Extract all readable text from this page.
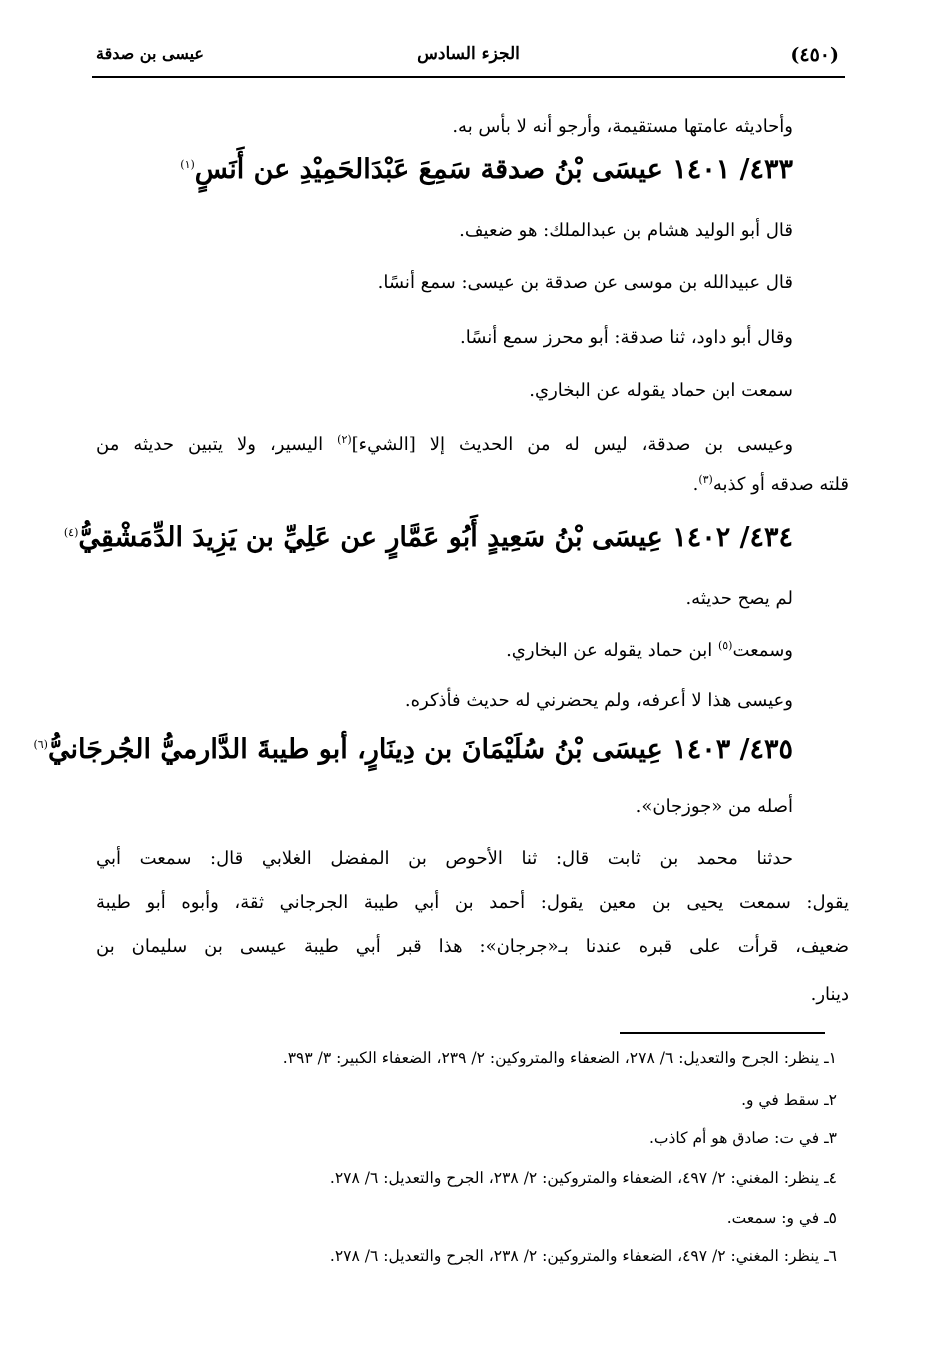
(٤٥٠)
الجزء السادس
عيسى بن صدقة
وأحاديثه عامتها مستقيمة، وأرجو أنه لا بأس به.
٤٣٣/ ١٤٠١ عيسَى بْنُ صدقة سَمِعَ عَبْدَالحَمِيْدِ عن أَنَسٍ$^{(١)}$
قال أبو الوليد هشام بن عبدالملك: هو ضعيف.
قال عبيدالله بن موسى عن صدقة بن عيسى: سمع أنسًا.
وقال أبو داود، ثنا صدقة: أبو محرز سمع أنسًا.
سمعت ابن حماد يقوله عن البخاري.
وعيسى بن صدقة، ليس له من الحديث إلا [الشيء]$^{(٢)}$ اليسير، ولا يتبين حديثه من
قلته صدقه أو كذبه$^{(٣)}$.
٤٣٤/ ١٤٠٢ عِيسَى بْنُ سَعِيدٍ أَبُو عَمَّارٍ عن عَلِيِّ بن يَزِيدَ الدِّمَشْقِيُّ$^{(٤)}$
لم يصح حديثه.
وسمعت$^{(٥)}$ ابن حماد يقوله عن البخاري.
وعيسى هذا لا أعرفه، ولم يحضرني له حديث فأذكره.
٤٣٥/ ١٤٠٣ عِيسَى بْنُ سُلَيْمَانَ بن دِينَارٍ، أبو طيبةَ الدَّارميُّ الجُرجَانيُّ$^{(٦)}$
أصله من «جوزجان».
حدثنا محمد بن ثابت قال: ثنا الأحوص بن المفضل الغلابي قال: سمعت أبي
يقول: سمعت يحيى بن معين يقول: أحمد بن أبي طيبة الجرجاني ثقة، وأبوه أبو طيبة
ضعيف، قرأت على قبره عندنا بـ«جرجان»: هذا قبر أبي طيبة عيسى بن سليمان بن
دينار.
١ـ ينظر: الجرح والتعديل: ٦/ ٢٧٨، الضعفاء والمتروكين: ٢/ ٢٣٩، الضعفاء الكبير: ٣/ ٣٩٣.
٢ـ سقط في و.
٣ـ في ت: صادق هو أم كاذب.
٤ـ ينظر: المغني: ٢/ ٤٩٧، الضعفاء والمتروكين: ٢/ ٢٣٨، الجرح والتعديل: ٦/ ٢٧٨.
٥ـ في و: سمعت.
٦ـ ينظر: المغني: ٢/ ٤٩٧، الضعفاء والمتروكين: ٢/ ٢٣٨، الجرح والتعديل: ٦/ ٢٧٨.
